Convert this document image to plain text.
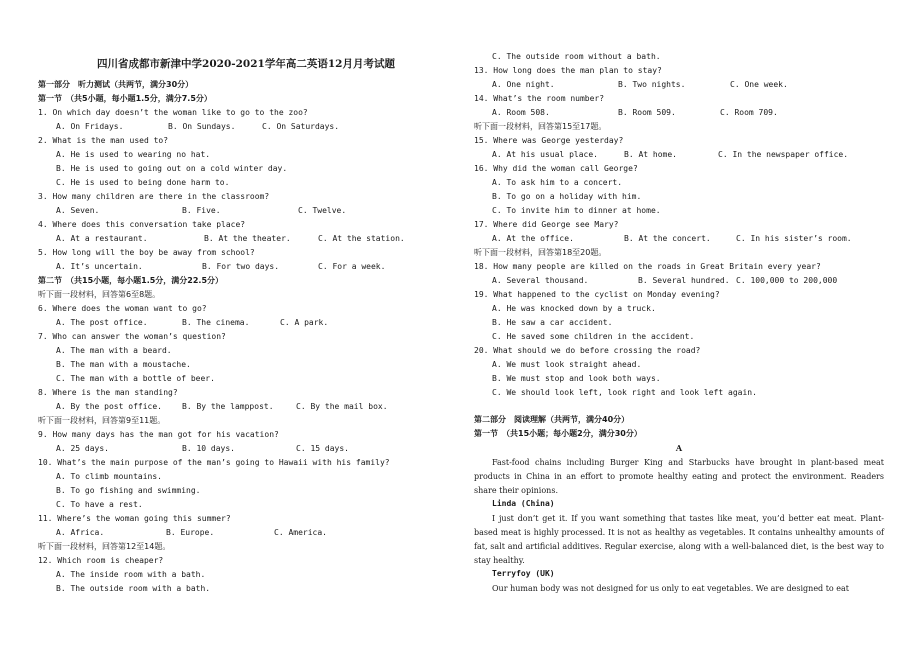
四川省成都市新津中学2020-2021学年高二英语12月月考试题
第一部分　听力测试（共两节，满分30分）
第一节　（共5小题，每小题1.5分，满分7.5分）
1. On which day doesn’t the woman like to go to the zoo?
A. On Fridays.	B. On Sundays.	C. On Saturdays.
2. What is the man used to?
A. He is used to wearing no hat.
B. He is used to going out on a cold winter day.
C. He is used to being done harm to.
3. How many children are there in the classroom?
A. Seven.	B. Five.	C. Twelve.
4. Where does this conversation take place?
A. At a restaurant.	B. At the theater.	C. At the station.
5. How long will the boy be away from school?
A. It’s uncertain.	B. For two days.	C. For a week.
第二节　（共15小题，每小题1.5分，满分22.5分）
听下面一段材料，回答第6至8题。
6. Where does the woman want to go?
A. The post office.	B. The cinema.	C. A park.
7. Who can answer the woman’s question?
A. The man with a beard.
B. The man with a moustache.
C. The man with a bottle of beer.
8. Where is the man standing?
A. By the post office.	B. By the lamppost.	C. By the mail box.
听下面一段材料，回答第9至11题。
9. How many days has the man got for his vacation?
A. 25 days.	B. 10 days.	C. 15 days.
10. What’s the main purpose of the man’s going to Hawaii with his family?
A. To climb mountains.
B. To go fishing and swimming.
C. To have a rest.
11. Where’s the woman going this summer?
A. Africa.	B. Europe.	C. America.
听下面一段材料，回答第12至14题。
12. Which room is cheaper?
A. The inside room with a bath.
B. The outside room with a bath.
C. The outside room without a bath.
13. How long does the man plan to stay?
A. One night.	B. Two nights.	C. One week.
14. What’s the room number?
A. Room 508.	B. Room 509.	C. Room 709.
听下面一段材料，回答第15至17题。
15. Where was George yesterday?
A. At his usual place.	B. At home.	C. In the newspaper office.
16. Why did the woman call George?
A. To ask him to a concert.
B. To go on a holiday with him.
C. To invite him to dinner at home.
17. Where did George see Mary?
A. At the office.	B. At the concert.	C. In his sister’s room.
听下面一段材料，回答第18至20题。
18. How many people are killed on the roads in Great Britain every year?
A. Several thousand.	B. Several hundred. C. 100,000 to 200,000
19. What happened to the cyclist on Monday evening?
A. He was knocked down by a truck.
B. He saw a car accident.
C. He saved some children in the accident.
20. What should we do before crossing the road?
A. We must look straight ahead.
B. We must stop and look both ways.
C. We should look left, look right and look left again.
第二部分　阅读理解（共两节，满分40分）
第一节　（共15小题；每小题2分，满分30分）
A
Fast-food chains including Burger King and Starbucks have brought in plant-based meat products in China in an effort to promote healthy eating and protect the environment. Readers share their opinions.
Linda (China)
I just don’t get it. If you want something that tastes like meat, you’d better eat meat. Plant-based meat is highly processed. It is not as healthy as vegetables. It contains unhealthy amounts of fat, salt and artificial additives. Regular exercise, along with a well-balanced diet, is the best way to stay healthy.
Terryfoy (UK)
Our human body was not designed for us only to eat vegetables. We are designed to eat
